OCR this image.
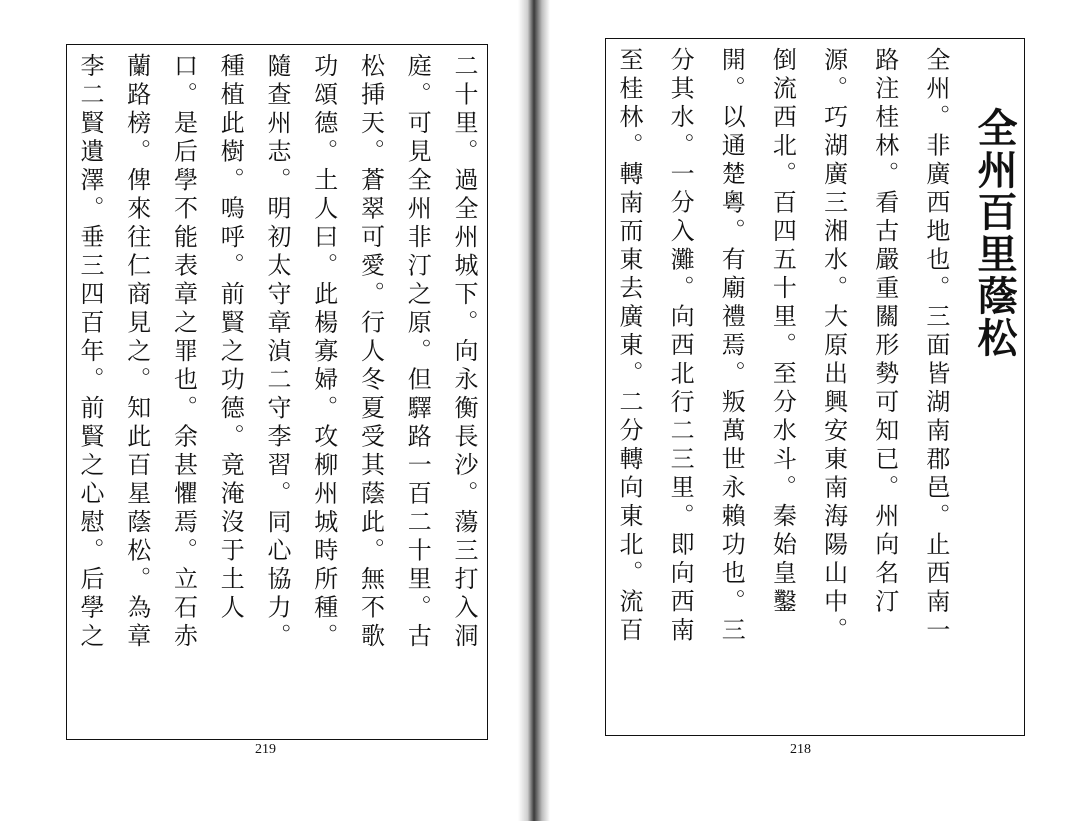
二十里。過全州城下。向永衡長沙。蕩三打入洞
庭。可見全州非汀之原。但驛路一百二十里。古
松挿天。蒼翠可愛。行人冬夏受其蔭此。無不歌
功頌德。土人曰。此楊寡婦。攻柳州城時所種。
隨查州志。明初太守章湞二守李習。同心協力。
種植此樹。嗚呼。前賢之功德。竟淹沒于土人
口。是后學不能表章之罪也。余甚懼焉。立石赤
蘭路榜。俾來往仁商見之。知此百星蔭松。為章
李二賢遺澤。垂三四百年。前賢之心慰。后學之
219
全州百里蔭松
全州。非廣西地也。三面皆湖南郡邑。止西南一
路注桂林。看古嚴重關形勢可知已。州向名汀
源。巧湖廣三湘水。大原出興安東南海陽山中。
倒流西北。百四五十里。至分水斗。秦始皇鑿
開。以通楚粵。有廟禮焉。叛萬世永賴功也。三
分其水。一分入灘。向西北行二三里。即向西南
至桂林。轉南而東去廣東。二分轉向東北。流百
218
